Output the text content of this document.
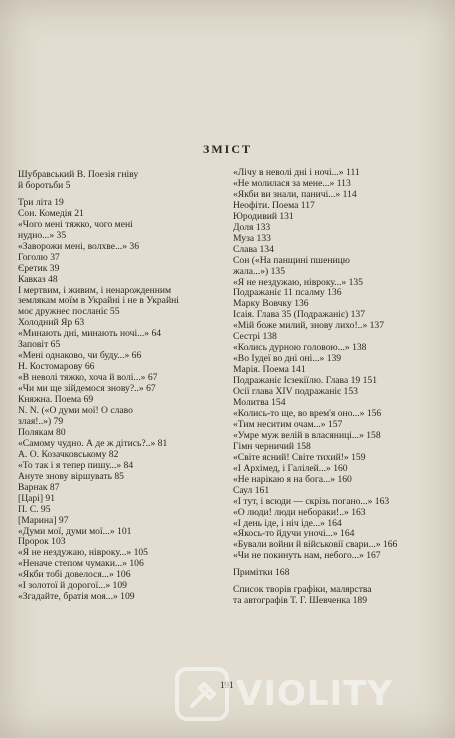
ЗМІСТ
Шубравський В. Поезія гніву
й боротьби 5
Три літа 19
Сон. Комедія 21
«Чого мені тяжко, чого мені
нудно...» 35
«Заворожи мені, волхве...» 36
Гоголю 37
Єретик 39
Кавказ 48
І мертвим, і живим, і ненарожденним
землякам моїм в Украйні і не в Украйні
моє дружнеє посланіє 55
Холодний Яр 63
«Минають дні, минають ночі...» 64
Заповіт 65
«Мені однаково, чи буду...» 66
Н. Костомарову 66
«В неволі тяжко, хоча й волі...» 67
«Чи ми ще зійдемося знову?..» 67
Княжна. Поема 69
N. N. («О думи мої! О славо
злая!..») 79
Полякам 80
«Самому чудно. А де ж дітись?..» 81
А. О. Козачковському 82
«То так і я тепер пишу...» 84
Ануте знову віршувать 85
Варнак 87
[Царі] 91
П. С. 95
[Марина] 97
«Думи мої, думи мої...» 101
Пророк 103
«Я не нездужаю, нівроку...» 105
«Неначе степом чумаки...» 106
«Якби тобі довелося...» 106
«І золотої й дорогої...» 109
«Згадайте, братія моя...» 109
«Лічу в неволі дні і ночі...» 111
«Не молилася за мене...» 113
«Якби ви знали, паничі...» 114
Неофіти. Поема 117
Юродивий 131
Доля 133
Муза 133
Слава 134
Сон («На панщині пшеницю
жала...») 135
«Я не нездужаю, нівроку...» 135
Подражаніє 11 псалму 136
Марку Вовчку 136
Ісаія. Глава 35 (Подражаніє) 137
«Мій боже милий, знову лихо!..» 137
Сестрі 138
«Колись дурною головою...» 138
«Во Іудеї во дні оні...» 139
Марія. Поема 141
Подражаніє Ієзекіїлю. Глава 19 151
Осії глава XIV подражаніє 153
Молитва 154
«Колись-то ще, во врем'я оно...» 156
«Тим неситим очам...» 157
«Умре муж велій в власяниці...» 158
Гімн черничий 158
«Світе ясний! Світе тихий!» 159
«І Архімед, і Галілей...» 160
«Не нарікаю я на бога...» 160
Саул 161
«І тут, і всюди — скрізь погано...» 163
«О люди! люди небораки!..» 163
«І день іде, і ніч іде...» 164
«Якось-то йдучи уночі...» 164
«Бували войни й військовії свари...» 166
«Чи не покинуть нам, небого...» 167
Примітки 168
Список творів графіки, малярства
та автографів Т. Г. Шевченка 189
191 VIOLITY
